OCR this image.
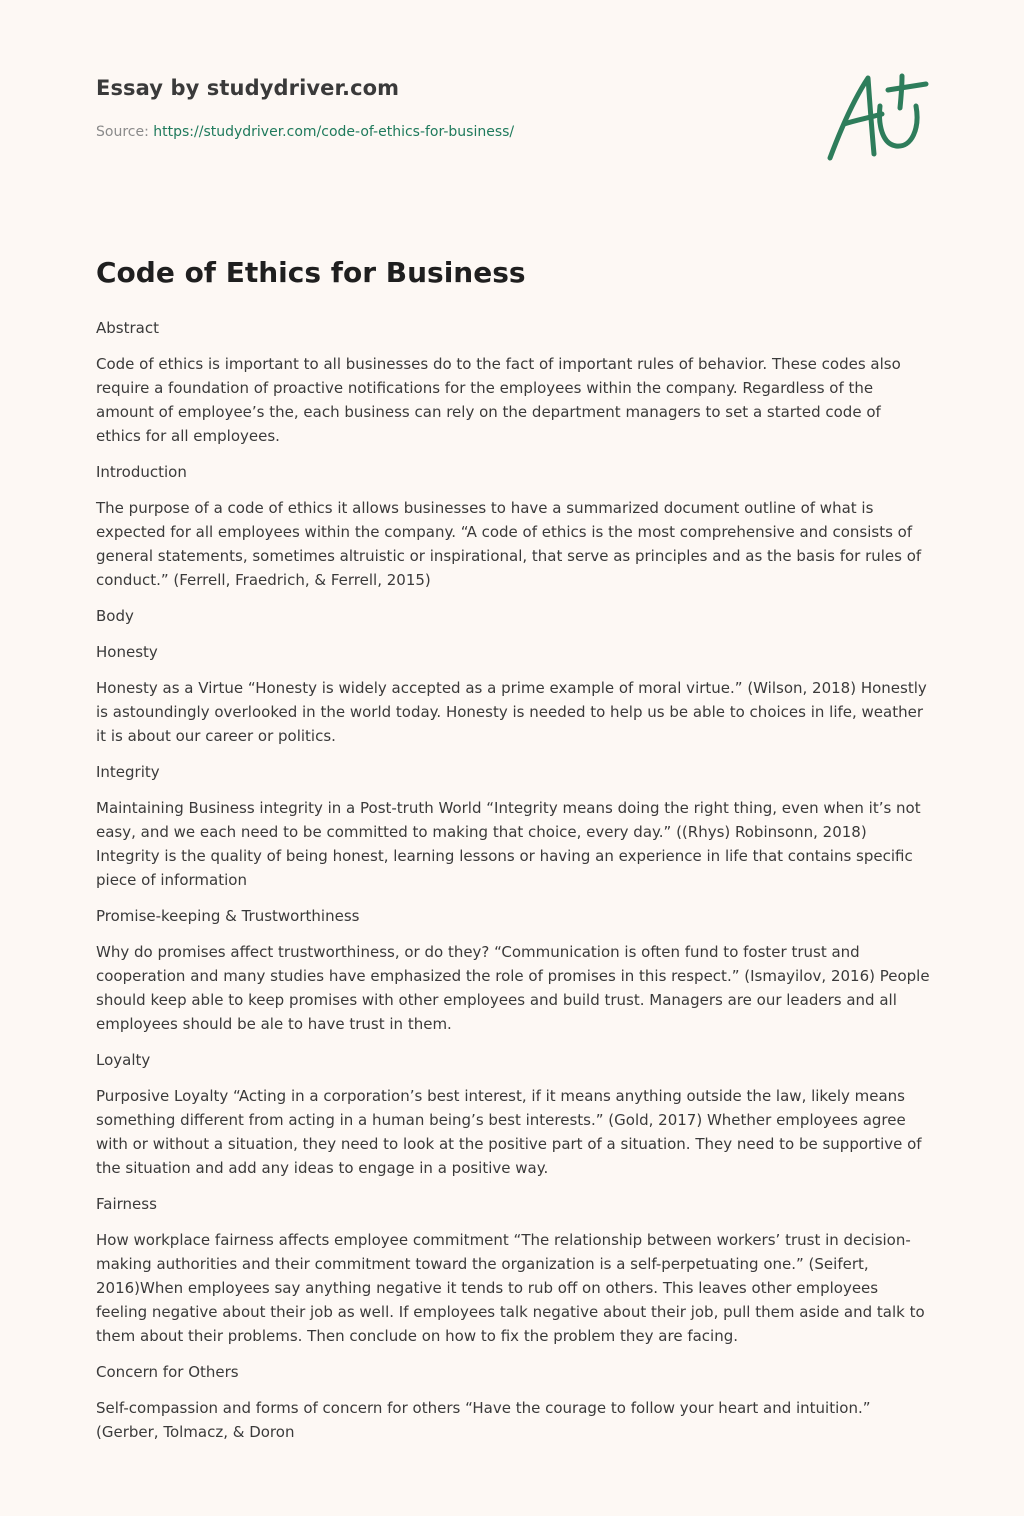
Essay by studydriver.com
Source: https://studydriver.com/code-of-ethics-for-business/
Code of Ethics for Business

Abstract

Code of ethics is important to all businesses do to the fact of important rules of behavior. These codes also require a foundation of proactive notifications for the employees within the company. Regardless of the amount of employee’s the, each business can rely on the department managers to set a started code of ethics for all employees.

Introduction

The purpose of a code of ethics it allows businesses to have a summarized document outline of what is expected for all employees within the company. “A code of ethics is the most comprehensive and consists of general statements, sometimes altruistic or inspirational, that serve as principles and as the basis for rules of conduct.” (Ferrell, Fraedrich, & Ferrell, 2015)

Body

Honesty

Honesty as a Virtue “Honesty is widely accepted as a prime example of moral virtue.” (Wilson, 2018) Honestly is astoundingly overlooked in the world today. Honesty is needed to help us be able to choices in life, weather it is about our career or politics.

Integrity

Maintaining Business integrity in a Post-truth World “Integrity means doing the right thing, even when it’s not easy, and we each need to be committed to making that choice, every day.” ((Rhys) Robinsonn, 2018) Integrity is the quality of being honest, learning lessons or having an experience in life that contains specific piece of information

Promise-keeping & Trustworthiness

Why do promises affect trustworthiness, or do they? “Communication is often fund to foster trust and cooperation and many studies have emphasized the role of promises in this respect.” (Ismayilov, 2016) People should keep able to keep promises with other employees and build trust. Managers are our leaders and all employees should be ale to have trust in them.

Loyalty

Purposive Loyalty “Acting in a corporation’s best interest, if it means anything outside the law, likely means something different from acting in a human being’s best interests.” (Gold, 2017) Whether employees agree with or without a situation, they need to look at the positive part of a situation. They need to be supportive of the situation and add any ideas to engage in a positive way.

Fairness

How workplace fairness affects employee commitment “The relationship between workers’ trust in decision-making authorities and their commitment toward the organization is a self-perpetuating one.” (Seifert, 2016)When employees say anything negative it tends to rub off on others. This leaves other employees feeling negative about their job as well. If employees talk negative about their job, pull them aside and talk to them about their problems. Then conclude on how to fix the problem they are facing.

Concern for Others

Self-compassion and forms of concern for others “Have the courage to follow your heart and intuition.” (Gerber, Tolmacz, & Doron
